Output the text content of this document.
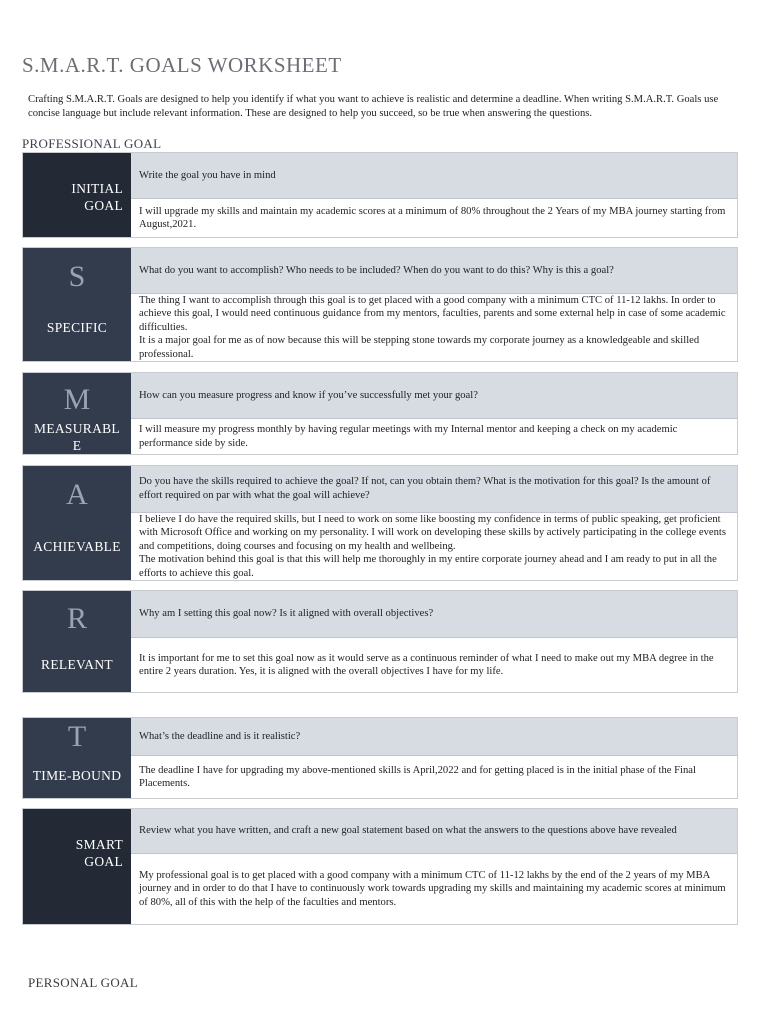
S.M.A.R.T. GOALS WORKSHEET
Crafting S.M.A.R.T. Goals are designed to help you identify if what you want to achieve is realistic and determine a deadline. When writing S.M.A.R.T. Goals use concise language but include relevant information. These are designed to help you succeed, so be true when answering the questions.
PROFESSIONAL GOAL
INITIAL
GOAL
Write the goal you have in mind
I will upgrade my skills and maintain my academic scores at a minimum of 80% throughout the 2 Years of my MBA journey starting from August,2021.
S
SPECIFIC
What do you want to accomplish? Who needs to be included? When do you want to do this? Why is this a goal?
The thing I want to accomplish through this goal is to get placed with a good company with a minimum CTC of 11-12 lakhs. In order to achieve this goal, I would need continuous guidance from my mentors, faculties, parents and some external help in case of some academic difficulties.
It is a major goal for me as of now because this will be stepping stone towards my corporate journey as a knowledgeable and skilled professional.
M
MEASURABL
E
How can you measure progress and know if you’ve successfully met your goal?
I will measure my progress monthly by having regular meetings with my Internal mentor and keeping a check on my academic performance side by side.
A
ACHIEVABLE
Do you have the skills required to achieve the goal? If not, can you obtain them? What is the motivation for this goal? Is the amount of effort required on par with what the goal will achieve?
I believe I do have the required skills, but I need to work on some like boosting my confidence in terms of public speaking, get proficient with Microsoft Office and working on my personality. I will work on developing these skills by actively participating in the college events and competitions, doing courses and focusing on my health and wellbeing.
The motivation behind this goal is that this will help me thoroughly in my entire corporate journey ahead and I am ready to put in all the efforts to achieve this goal.
R
RELEVANT
Why am I setting this goal now? Is it aligned with overall objectives?
It is important for me to set this goal now as it would serve as a continuous reminder of what I need to make out my MBA degree in the entire 2 years duration. Yes, it is aligned with the overall objectives I have for my life.
T
TIME-BOUND
What’s the deadline and is it realistic?
The deadline I have for upgrading my above-mentioned skills is April,2022 and for getting placed is in the initial phase of the Final Placements.
SMART
GOAL
Review what you have written, and craft a new goal statement based on what the answers to the questions above have revealed
My professional goal is to get placed with a good company with a minimum CTC of 11-12 lakhs by the end of the 2 years of my MBA journey and in order to do that I have to continuously work towards upgrading my skills and maintaining my academic scores at minimum of 80%, all of this with the help of the faculties and mentors.
PERSONAL GOAL
